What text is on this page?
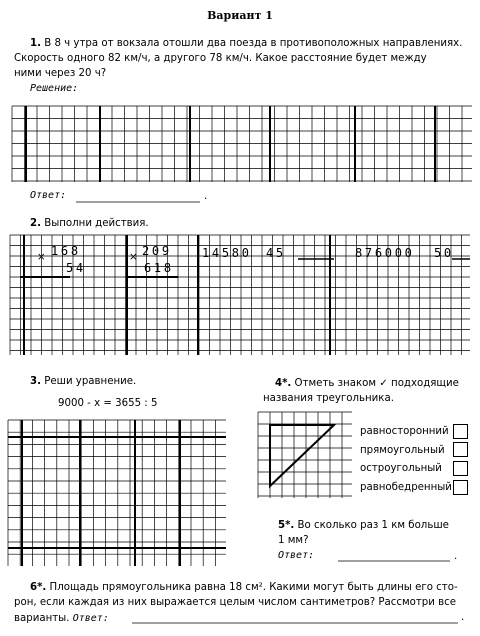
Вариант 1
1. В 8 ч утра от вокзала отошли два поезда в противоположных направлениях.
Скорость одного 82 км/ч, а другого 78 км/ч. Какое расстояние будет между
ними через 20 ч?
Решение:
Ответ:	.
2. Выполни действия.
× 168
54
× 209
618
14580 45	876000 50
3. Реши уравнение.
9000 - x = 3655 : 5
4*. Отметь знаком ✓ подходящие
названия треугольника.
равносторонний
прямоугольный
остроугольный
равнобедренный
5*. Во сколько раз 1 км больше
1 мм?
Ответ:	.
6*. Площадь прямоугольника равна 18 см². Какими могут быть длины его сто-
рон, если каждая из них выражается целым числом сантиметров? Рассмотри все
варианты. Ответ:	.
